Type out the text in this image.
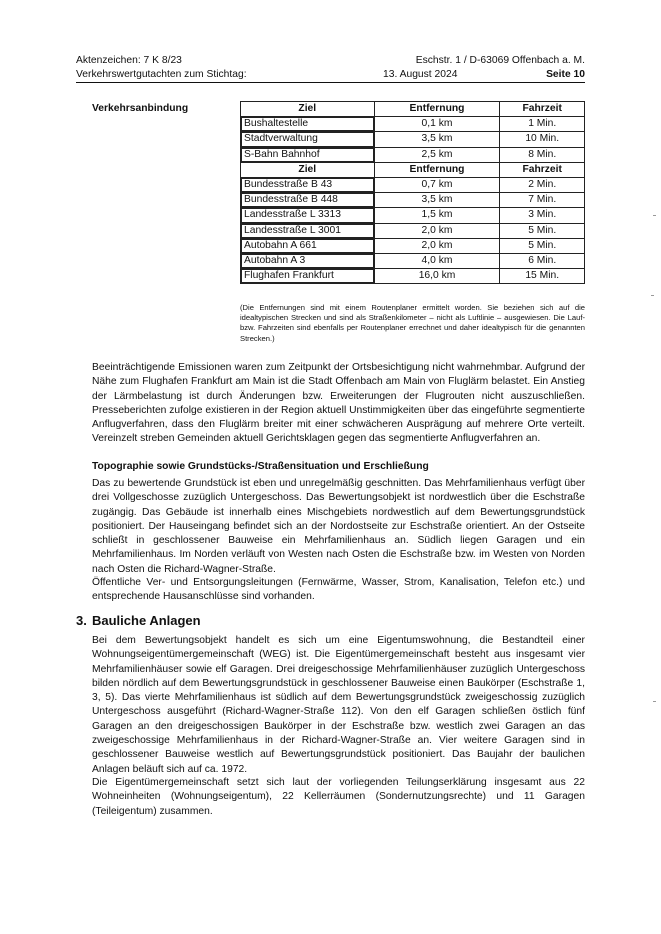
Aktenzeichen: 7 K 8/23
Verkehrswertgutachten zum Stichtag:
Eschstr. 1 / D-63069 Offenbach a. M.
13. August 2024	Seite 10
Verkehrsanbindung	Ziel	Entfernung	Fahrzeit
Bushaltestelle	0,1 km	1 Min.
Stadtverwaltung	3,5 km	10 Min.
S-Bahn Bahnhof	2,5 km	8 Min.
Ziel	Entfernung	Fahrzeit
Bundesstraße B 43	0,7 km	2 Min.
Bundesstraße B 448	3,5 km	7 Min.
Landesstraße L 3313	1,5 km	3 Min.
Landesstraße L 3001	2,0 km	5 Min.
Autobahn A 661	2,0 km	5 Min.
Autobahn A 3	4,0 km	6 Min.
Flughafen Frankfurt	16,0 km	15 Min.
(Die Entfernungen sind mit einem Routenplaner ermittelt worden. Sie beziehen sich auf die idealtypischen Strecken und sind als Straßenkilometer – nicht als Luftlinie – ausgewiesen. Die Lauf- bzw. Fahrzeiten sind ebenfalls per Routenplaner errechnet und daher idealtypisch für die genannten Strecken.)
Beeinträchtigende Emissionen waren zum Zeitpunkt der Ortsbesichtigung nicht wahrnehmbar. Aufgrund der Nähe zum Flughafen Frankfurt am Main ist die Stadt Offenbach am Main von Fluglärm belastet. Ein Anstieg der Lärmbelastung ist durch Änderungen bzw. Erweiterungen der Flugrouten nicht auszuschließen. Presseberichten zufolge existieren in der Region aktuell Unstimmigkeiten über das eingeführte segmentierte Anflugverfahren, dass den Fluglärm breiter mit einer schwächeren Ausprägung auf mehrere Orte verteilt. Vereinzelt streben Gemeinden aktuell Gerichtsklagen gegen das segmentierte Anflugverfahren an.
Topographie sowie Grundstücks-/Straßensituation und Erschließung
Das zu bewertende Grundstück ist eben und unregelmäßig geschnitten. Das Mehrfamilienhaus verfügt über drei Vollgeschosse zuzüglich Untergeschoss. Das Bewertungsobjekt ist nordwestlich über die Eschstraße zugängig. Das Gebäude ist innerhalb eines Mischgebiets nordwestlich auf dem Bewertungsgrundstück positioniert. Der Hauseingang befindet sich an der Nordostseite zur Eschstraße orientiert. An der Ostseite schließt in geschlossener Bauweise ein Mehrfamilienhaus an. Südlich liegen Garagen und ein Mehrfamilienhaus. Im Norden verläuft von Westen nach Osten die Eschstraße bzw. im Westen von Norden nach Osten die Richard-Wagner-Straße.
Öffentliche Ver- und Entsorgungsleitungen (Fernwärme, Wasser, Strom, Kanalisation, Telefon etc.) und entsprechende Hausanschlüsse sind vorhanden.
3. Bauliche Anlagen
Bei dem Bewertungsobjekt handelt es sich um eine Eigentumswohnung, die Bestandteil einer Wohnungseigentümergemeinschaft (WEG) ist. Die Eigentümergemeinschaft besteht aus insgesamt vier Mehrfamilienhäuser sowie elf Garagen. Drei dreigeschossige Mehrfamilienhäuser zuzüglich Untergeschoss bilden nördlich auf dem Bewertungsgrundstück in geschlossener Bauweise einen Baukörper (Eschstraße 1, 3, 5). Das vierte Mehrfamilienhaus ist südlich auf dem Bewertungsgrundstück zweigeschossig zuzüglich Untergeschoss ausgeführt (Richard-Wagner-Straße 112). Von den elf Garagen schließen östlich fünf Garagen an den dreigeschossigen Baukörper in der Eschstraße bzw. westlich zwei Garagen an das zweigeschossige Mehrfamilienhaus in der Richard-Wagner-Straße an. Vier weitere Garagen sind in geschlossener Bauweise westlich auf Bewertungsgrundstück positioniert. Das Baujahr der baulichen Anlagen beläuft sich auf ca. 1972.
Die Eigentümergemeinschaft setzt sich laut der vorliegenden Teilungserklärung insgesamt aus 22 Wohneinheiten (Wohnungseigentum), 22 Kellerräumen (Sondernutzungsrechte) und 11 Garagen (Teileigentum) zusammen.
